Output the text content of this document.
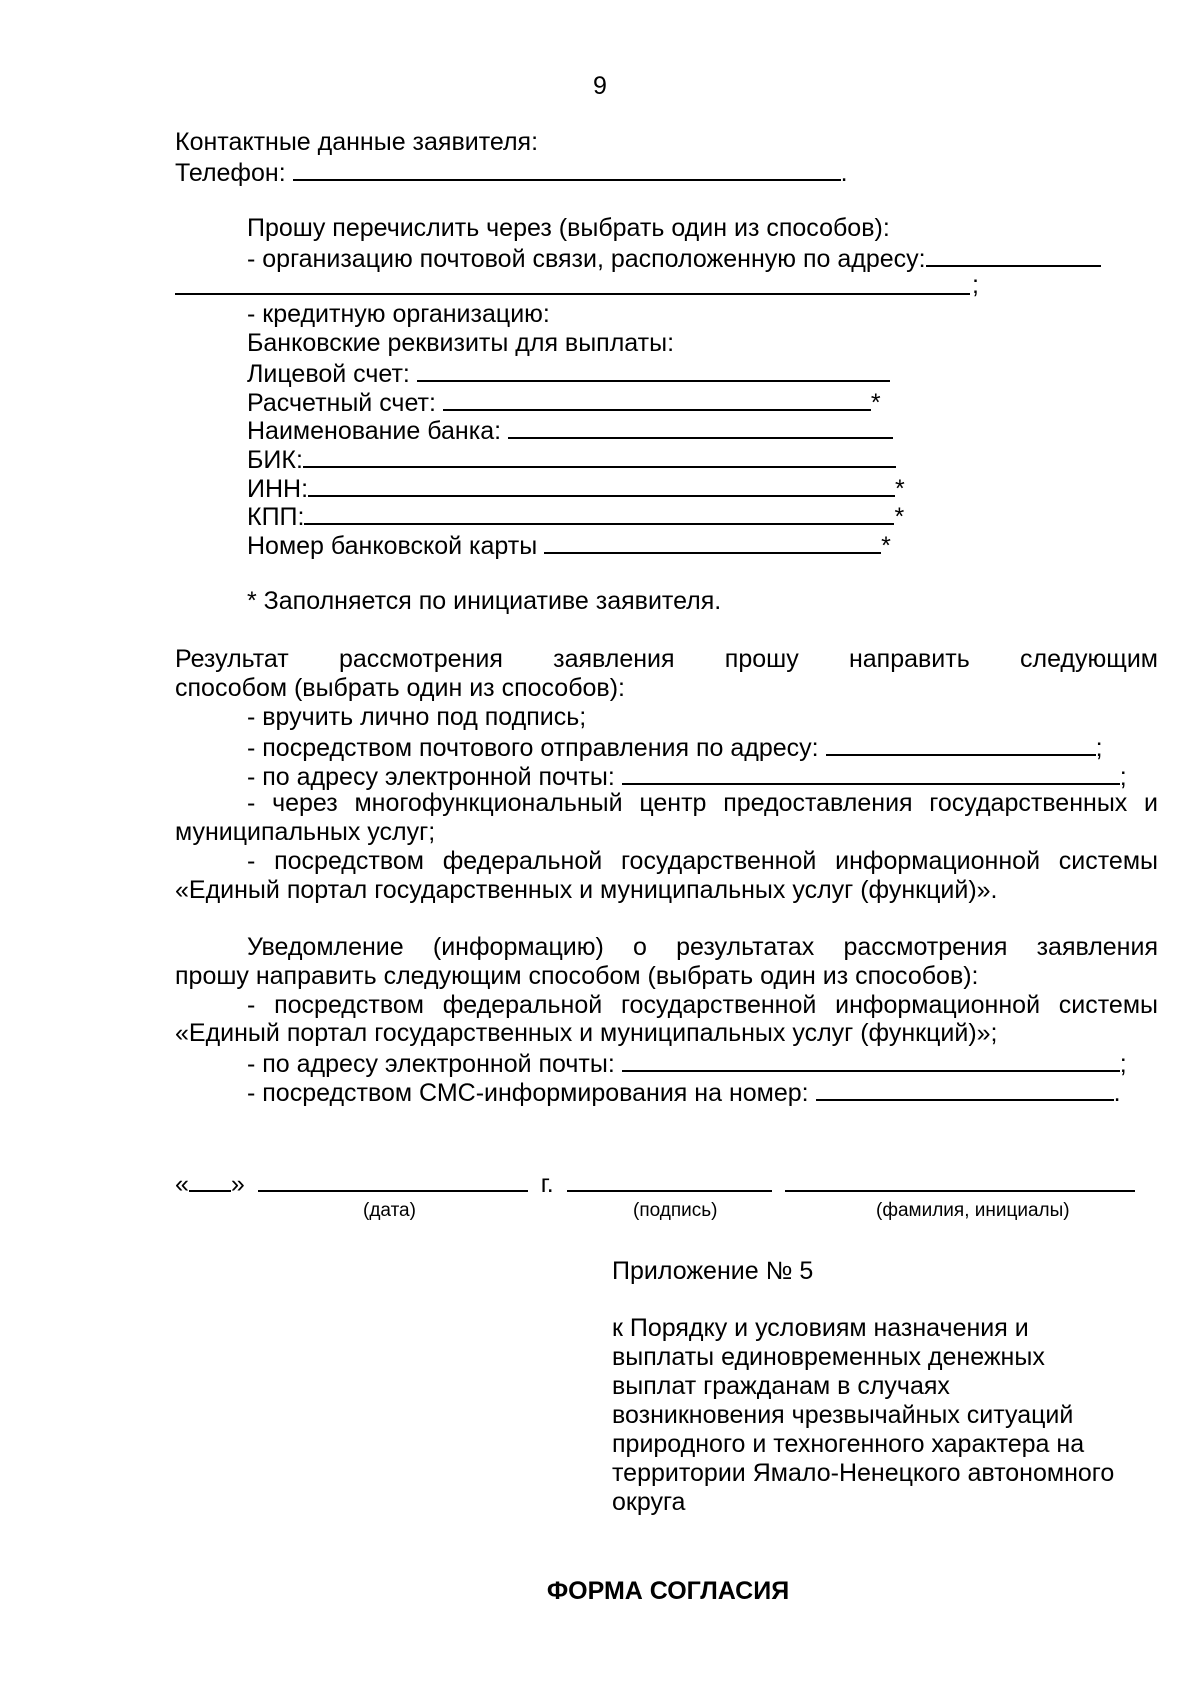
9
Контактные данные заявителя:
Телефон:	.
Прошу перечислить через (выбрать один из способов):
- организацию почтовой связи, расположенную по адресу:
;
- кредитную организацию:
Банковские реквизиты для выплаты:
Лицевой счет:
Расчетный счет:	*
Наименование банка:
БИК:
ИНН:	*
КПП:	*
Номер банковской карты	*
* Заполняется по инициативе заявителя.
Результат рассмотрения заявления прошу направить следующим
способом (выбрать один из способов):
- вручить лично под подпись;
- посредством почтового отправления по адресу:	;
- по адресу электронной почты:	;
- через многофункциональный центр предоставления государственных и
муниципальных услуг;
- посредством федеральной государственной информационной системы
«Единый портал государственных и муниципальных услуг (функций)».
Уведомление (информацию) о результатах рассмотрения заявления
прошу направить следующим способом (выбрать один из способов):
- посредством федеральной государственной информационной системы
«Единый портал государственных и муниципальных услуг (функций)»;
- по адресу электронной почты:	;
- посредством СМС-информирования на номер:	.
« »	г.
(дата)	(подпись)	(фамилия, инициалы)
Приложение № 5
к Порядку и условиям назначения и
выплаты единовременных денежных
выплат гражданам в случаях
возникновения чрезвычайных ситуаций
природного и техногенного характера на
территории Ямало-Ненецкого автономного
округа
ФОРМА СОГЛАСИЯ
